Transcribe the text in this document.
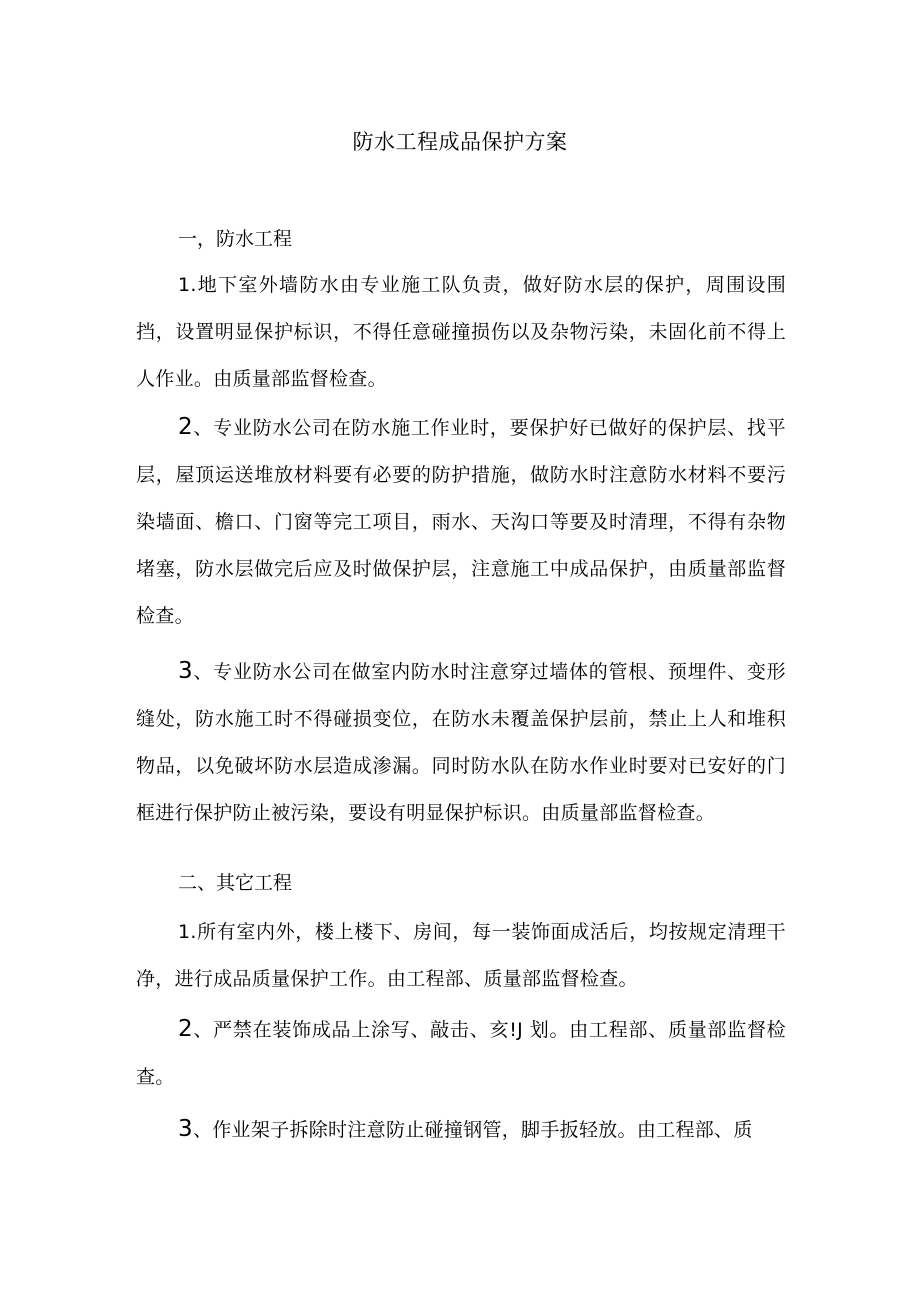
防水工程成品保护方案
一，防水工程

1.地下室外墙防水由专业施工队负责，做好防水层的保护，周围设围挡，设置明显保护标识，不得任意碰撞损伤以及杂物污染，未固化前不得上人作业。由质量部监督检查。

2、专业防水公司在防水施工作业时，要保护好已做好的保护层、找平层，屋顶运送堆放材料要有必要的防护措施，做防水时注意防水材料不要污染墙面、檐口、门窗等完工项目，雨水、天沟口等要及时清理，不得有杂物堵塞，防水层做完后应及时做保护层，注意施工中成品保护，由质量部监督检查。

3、专业防水公司在做室内防水时注意穿过墙体的管根、预埋件、变形缝处，防水施工时不得碰损变位，在防水未覆盖保护层前，禁止上人和堆积物品，以免破坏防水层造成渗漏。同时防水队在防水作业时要对已安好的门框进行保护防止被污染，要设有明显保护标识。由质量部监督检查。

二、其它工程

1.所有室内外，楼上楼下、房间，每一装饰面成活后，均按规定清理干净，进行成品质量保护工作。由工程部、质量部监督检查。

2、严禁在装饰成品上涂写、敲击、亥!J 划。由工程部、质量部监督检查。

3、作业架子拆除时注意防止碰撞钢管，脚手扳轻放。由工程部、质
